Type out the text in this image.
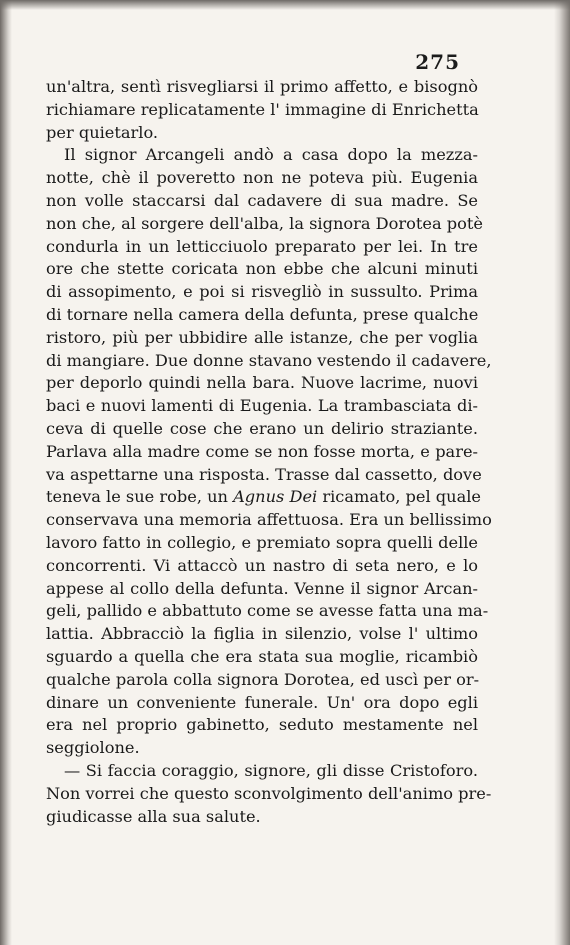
275
un'altra, sentì risvegliarsi il primo affetto, e bisognò
richiamare replicatamente l' immagine di Enrichetta
per quietarlo.
Il signor Arcangeli andò a casa dopo la mezza-
notte, chè il poveretto non ne poteva più. Eugenia
non volle staccarsi dal cadavere di sua madre. Se
non che, al sorgere dell'alba, la signora Dorotea potè
condurla in un letticciuolo preparato per lei. In tre
ore che stette coricata non ebbe che alcuni minuti
di assopimento, e poi si risvegliò in sussulto. Prima
di tornare nella camera della defunta, prese qualche
ristoro, più per ubbidire alle istanze, che per voglia
di mangiare. Due donne stavano vestendo il cadavere,
per deporlo quindi nella bara. Nuove lacrime, nuovi
baci e nuovi lamenti di Eugenia. La trambasciata di-
ceva di quelle cose che erano un delirio straziante.
Parlava alla madre come se non fosse morta, e pare-
va aspettarne una risposta. Trasse dal cassetto, dove
teneva le sue robe, un Agnus Dei ricamato, pel quale
conservava una memoria affettuosa. Era un bellissimo
lavoro fatto in collegio, e premiato sopra quelli delle
concorrenti. Vi attaccò un nastro di seta nero, e lo
appese al collo della defunta. Venne il signor Arcan-
geli, pallido e abbattuto come se avesse fatta una ma-
lattia. Abbracciò la figlia in silenzio, volse l' ultimo
sguardo a quella che era stata sua moglie, ricambiò
qualche parola colla signora Dorotea, ed uscì per or-
dinare un conveniente funerale. Un' ora dopo egli
era nel proprio gabinetto, seduto mestamente nel
seggiolone.
— Si faccia coraggio, signore, gli disse Cristoforo.
Non vorrei che questo sconvolgimento dell'animo pre-
giudicasse alla sua salute.
